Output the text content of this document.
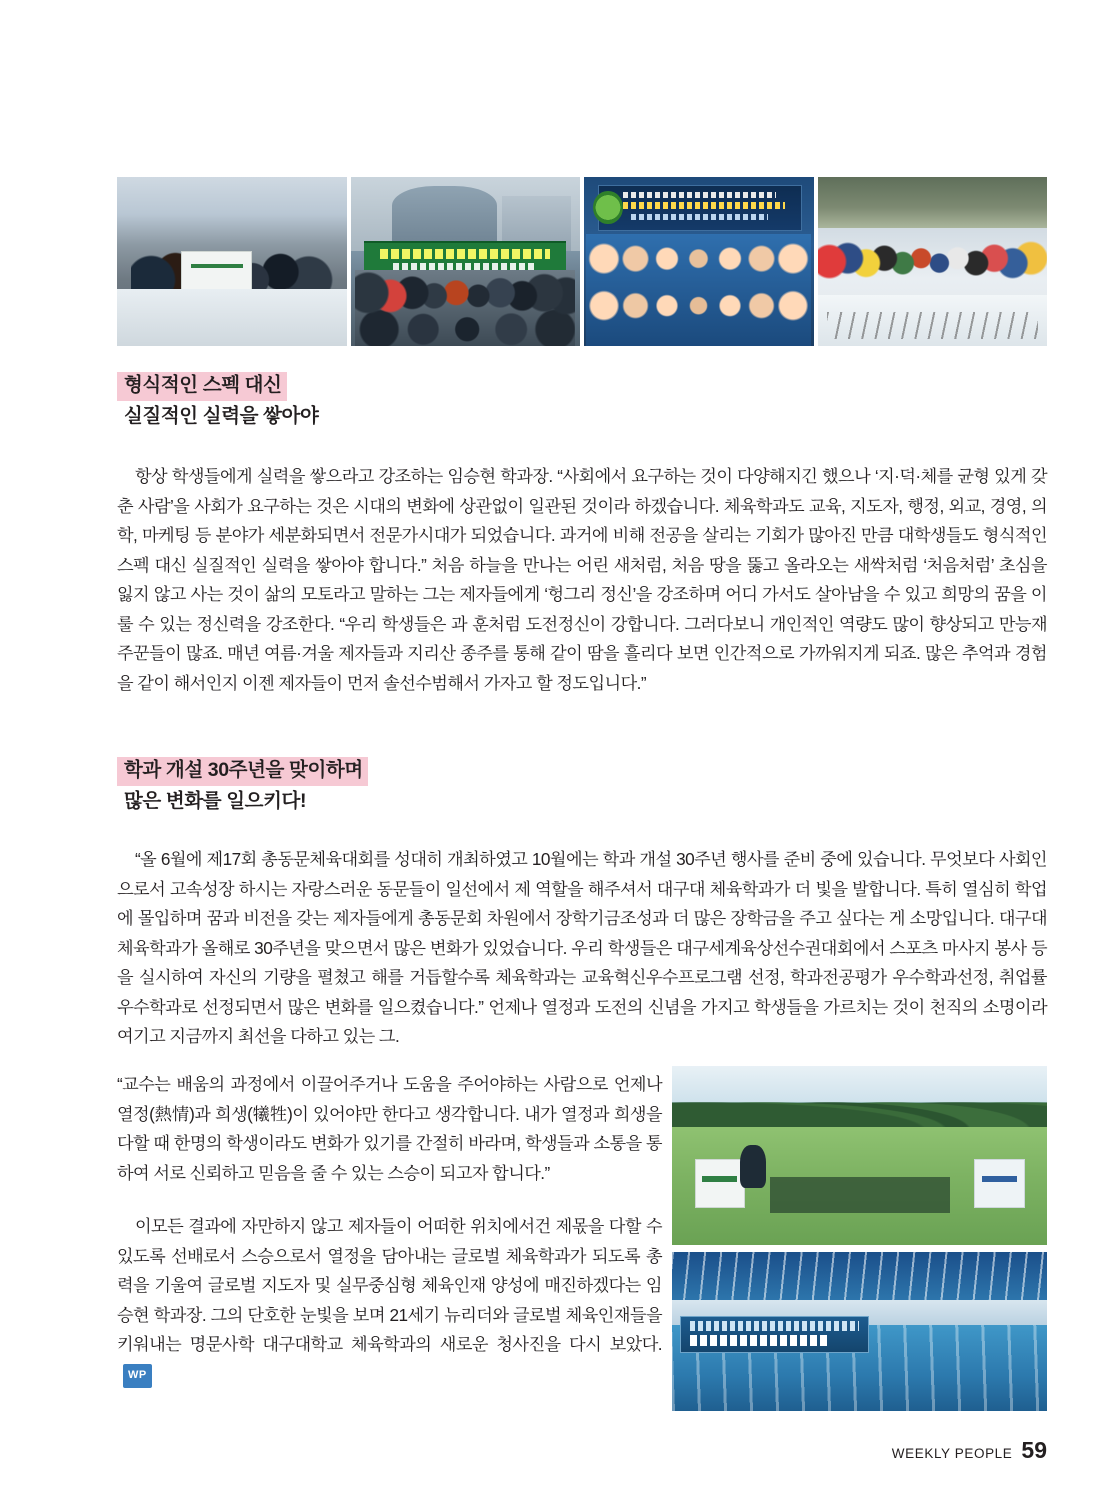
형식적인 스펙 대신
실질적인 실력을 쌓아야
항상 학생들에게 실력을 쌓으라고 강조하는 임승현 학과장. “사회에서 요구하는 것이 다양해지긴 했으나 ‘지·덕·체를 균형 있게 갖춘 사람’을 사회가 요구하는 것은 시대의 변화에 상관없이 일관된 것이라 하겠습니다. 체육학과도 교육, 지도자, 행정, 외교, 경영, 의학, 마케팅 등 분야가 세분화되면서 전문가시대가 되었습니다. 과거에 비해 전공을 살리는 기회가 많아진 만큼 대학생들도 형식적인 스펙 대신 실질적인 실력을 쌓아야 합니다.” 처음 하늘을 만나는 어린 새처럼, 처음 땅을 뚫고 올라오는 새싹처럼 ‘처음처럼’ 초심을 잃지 않고 사는 것이 삶의 모토라고 말하는 그는 제자들에게 ‘헝그리 정신’을 강조하며 어디 가서도 살아남을 수 있고 희망의 꿈을 이룰 수 있는 정신력을 강조한다. “우리 학생들은 과 훈처럼 도전정신이 강합니다. 그러다보니 개인적인 역량도 많이 향상되고 만능재주꾼들이 많죠. 매년 여름·겨울 제자들과 지리산 종주를 통해 같이 땀을 흘리다 보면 인간적으로 가까워지게 되죠. 많은 추억과 경험을 같이 해서인지 이젠 제자들이 먼저 솔선수범해서 가자고 할 정도입니다.”
학과 개설 30주년을 맞이하며
많은 변화를 일으키다!
“올 6월에 제17회 총동문체육대회를 성대히 개최하였고 10월에는 학과 개설 30주년 행사를 준비 중에 있습니다. 무엇보다 사회인으로서 고속성장 하시는 자랑스러운 동문들이 일선에서 제 역할을 해주셔서 대구대 체육학과가 더 빛을 발합니다. 특히 열심히 학업에 몰입하며 꿈과 비전을 갖는 제자들에게 총동문회 차원에서 장학기금조성과 더 많은 장학금을 주고 싶다는 게 소망입니다. 대구대 체육학과가 올해로 30주년을 맞으면서 많은 변화가 있었습니다. 우리 학생들은 대구세계육상선수권대회에서 스포츠 마사지 봉사 등을 실시하여 자신의 기량을 펼쳤고 해를 거듭할수록 체육학과는 교육혁신우수프로그램 선정, 학과전공평가 우수학과선정, 취업률 우수학과로 선정되면서 많은 변화를 일으켰습니다.” 언제나 열정과 도전의 신념을 가지고 학생들을 가르치는 것이 천직의 소명이라 여기고 지금까지 최선을 다하고 있는 그.
“교수는 배움의 과정에서 이끌어주거나 도움을 주어야하는 사람으로 언제나 열정(熱情)과 희생(犧牲)이 있어야만 한다고 생각합니다. 내가 열정과 희생을 다할 때 한명의 학생이라도 변화가 있기를 간절히 바라며, 학생들과 소통을 통하여 서로 신뢰하고 믿음을 줄 수 있는 스승이 되고자 합니다.”
이모든 결과에 자만하지 않고 제자들이 어떠한 위치에서건 제몫을 다할 수 있도록 선배로서 스승으로서 열정을 담아내는 글로벌 체육학과가 되도록 총력을 기울여 글로벌 지도자 및 실무중심형 체육인재 양성에 매진하겠다는 임승현 학과장. 그의 단호한 눈빛을 보며 21세기 뉴리더와 글로벌 체육인재들을 키워내는 명문사학 대구대학교 체육학과의 새로운 청사진을 다시 보았다.WP
WEEKLY PEOPLE 59
